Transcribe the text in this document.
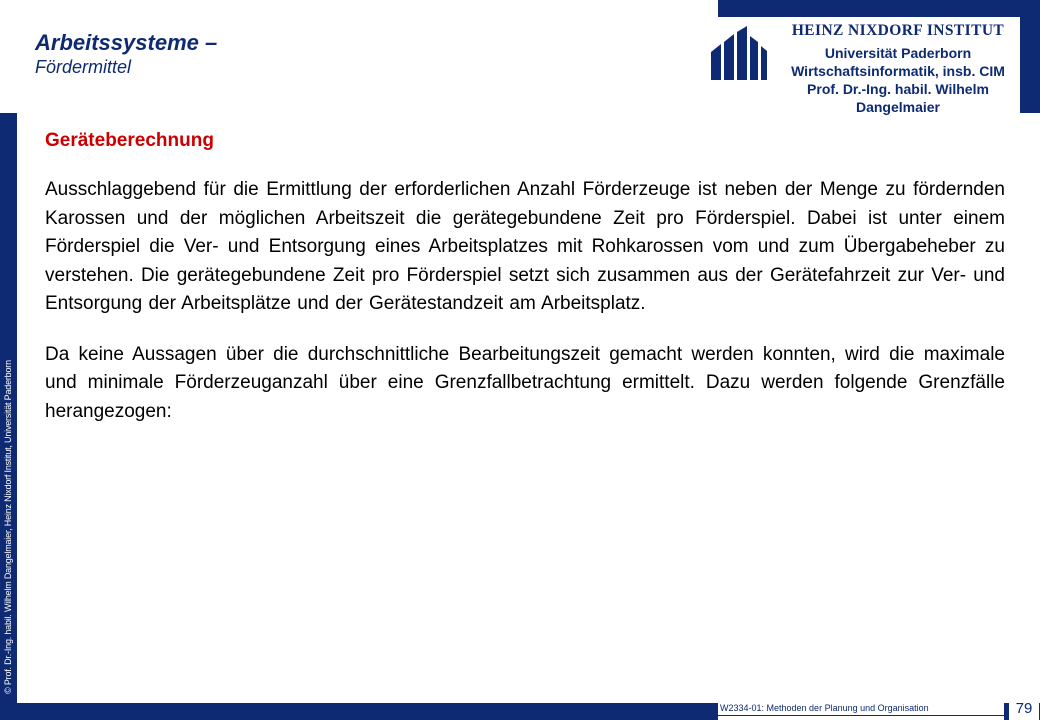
© Prof. Dr.-Ing. habil. Wilhelm Dangelmaier, Heinz Nixdorf Institut, Universität Paderborn
Arbeitssysteme –
Fördermittel
HEINZ NIXDORF INSTITUT
Universität Paderborn
Wirtschaftsinformatik, insb. CIM
Prof. Dr.-Ing. habil. Wilhelm Dangelmaier

Geräteberechnung

Ausschlaggebend für die Ermittlung der erforderlichen Anzahl Förderzeuge ist neben der Menge zu fördernden Karossen und der möglichen Arbeitszeit die gerätegebundene Zeit pro Förderspiel. Dabei ist unter einem Förderspiel die Ver- und Entsorgung eines Arbeitsplatzes mit Rohkarossen vom und zum Übergabeheber zu verstehen. Die gerätegebundene Zeit pro Förderspiel setzt sich zusammen aus der Gerätefahrzeit zur Ver- und Entsorgung der Arbeitsplätze und der Gerätestandzeit am Arbeitsplatz.

Da keine Aussagen über die durchschnittliche Bearbeitungszeit gemacht werden konnten, wird die maximale und minimale Förderzeuganzahl über eine Grenzfallbetrachtung ermittelt. Dazu werden folgende Grenzfälle herangezogen:

W2334-01: Methoden der Planung und Organisation	79
